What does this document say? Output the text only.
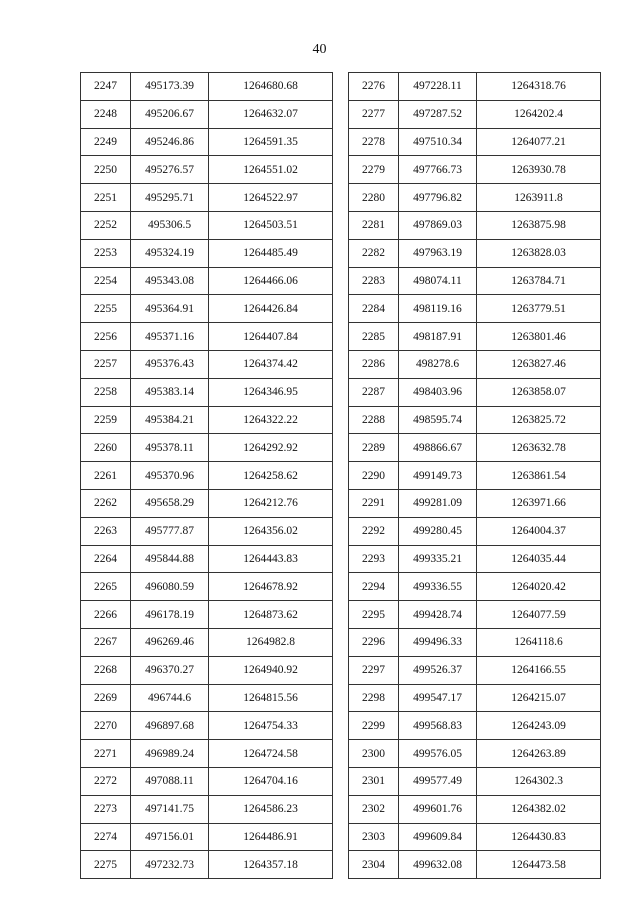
40
2247	495173.39	1264680.68
2248	495206.67	1264632.07
2249	495246.86	1264591.35
2250	495276.57	1264551.02
2251	495295.71	1264522.97
2252	495306.5	1264503.51
2253	495324.19	1264485.49
2254	495343.08	1264466.06
2255	495364.91	1264426.84
2256	495371.16	1264407.84
2257	495376.43	1264374.42
2258	495383.14	1264346.95
2259	495384.21	1264322.22
2260	495378.11	1264292.92
2261	495370.96	1264258.62
2262	495658.29	1264212.76
2263	495777.87	1264356.02
2264	495844.88	1264443.83
2265	496080.59	1264678.92
2266	496178.19	1264873.62
2267	496269.46	1264982.8
2268	496370.27	1264940.92
2269	496744.6	1264815.56
2270	496897.68	1264754.33
2271	496989.24	1264724.58
2272	497088.11	1264704.16
2273	497141.75	1264586.23
2274	497156.01	1264486.91
2275	497232.73	1264357.18
2276	497228.11	1264318.76
2277	497287.52	1264202.4
2278	497510.34	1264077.21
2279	497766.73	1263930.78
2280	497796.82	1263911.8
2281	497869.03	1263875.98
2282	497963.19	1263828.03
2283	498074.11	1263784.71
2284	498119.16	1263779.51
2285	498187.91	1263801.46
2286	498278.6	1263827.46
2287	498403.96	1263858.07
2288	498595.74	1263825.72
2289	498866.67	1263632.78
2290	499149.73	1263861.54
2291	499281.09	1263971.66
2292	499280.45	1264004.37
2293	499335.21	1264035.44
2294	499336.55	1264020.42
2295	499428.74	1264077.59
2296	499496.33	1264118.6
2297	499526.37	1264166.55
2298	499547.17	1264215.07
2299	499568.83	1264243.09
2300	499576.05	1264263.89
2301	499577.49	1264302.3
2302	499601.76	1264382.02
2303	499609.84	1264430.83
2304	499632.08	1264473.58
